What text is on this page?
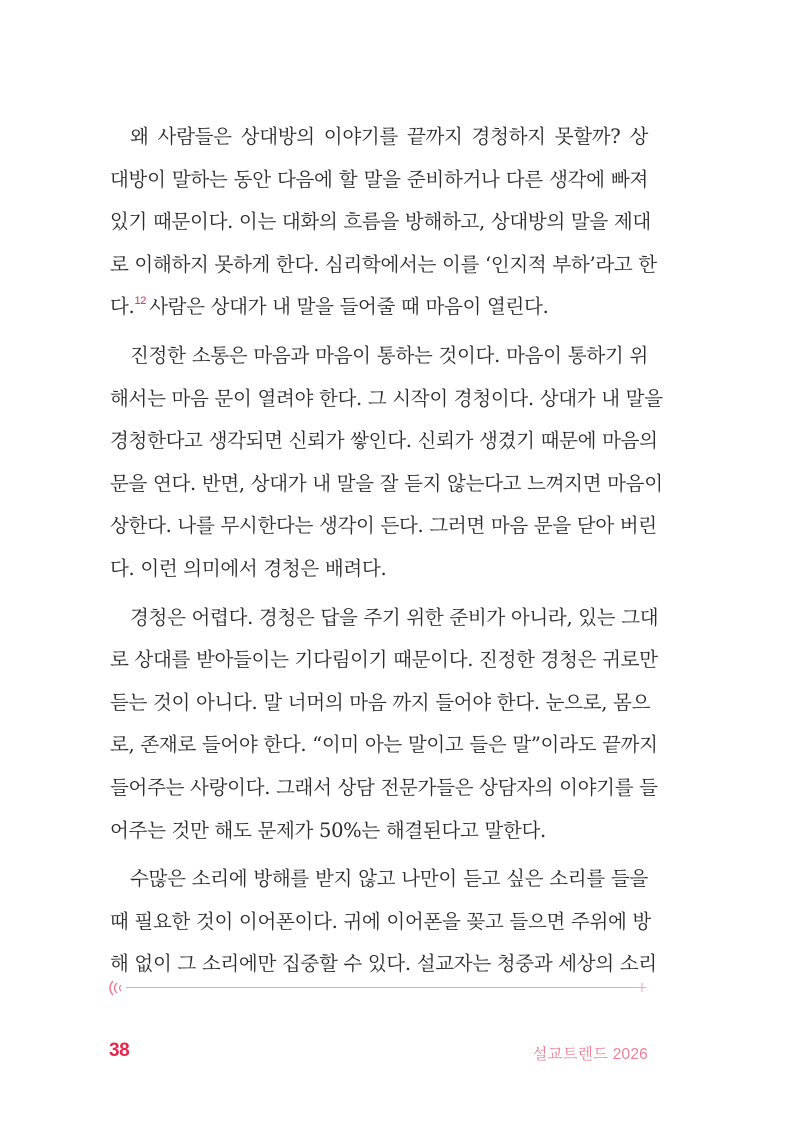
왜 사람들은 상대방의 이야기를 끝까지 경청하지 못할까? 상
대방이 말하는 동안 다음에 할 말을 준비하거나 다른 생각에 빠져
있기 때문이다. 이는 대화의 흐름을 방해하고, 상대방의 말을 제대
로 이해하지 못하게 한다. 심리학에서는 이를 ‘인지적 부하’라고 한
다.$^{12}$ 사람은 상대가 내 말을 들어줄 때 마음이 열린다.
진정한 소통은 마음과 마음이 통하는 것이다. 마음이 통하기 위
해서는 마음 문이 열려야 한다. 그 시작이 경청이다. 상대가 내 말을
경청한다고 생각되면 신뢰가 쌓인다. 신뢰가 생겼기 때문에 마음의
문을 연다. 반면, 상대가 내 말을 잘 듣지 않는다고 느껴지면 마음이
상한다. 나를 무시한다는 생각이 든다. 그러면 마음 문을 닫아 버린
다. 이런 의미에서 경청은 배려다.
경청은 어렵다. 경청은 답을 주기 위한 준비가 아니라, 있는 그대
로 상대를 받아들이는 기다림이기 때문이다. 진정한 경청은 귀로만
듣는 것이 아니다. 말 너머의 마음 까지 들어야 한다. 눈으로, 몸으
로, 존재로 들어야 한다. “이미 아는 말이고 들은 말”이라도 끝까지
들어주는 사랑이다. 그래서 상담 전문가들은 상담자의 이야기를 들
어주는 것만 해도 문제가 50%는 해결된다고 말한다.
수많은 소리에 방해를 받지 않고 나만이 듣고 싶은 소리를 들을
때 필요한 것이 이어폰이다. 귀에 이어폰을 꽂고 들으면 주위에 방
해 없이 그 소리에만 집중할 수 있다. 설교자는 청중과 세상의 소리
38	설교트렌드 2026
